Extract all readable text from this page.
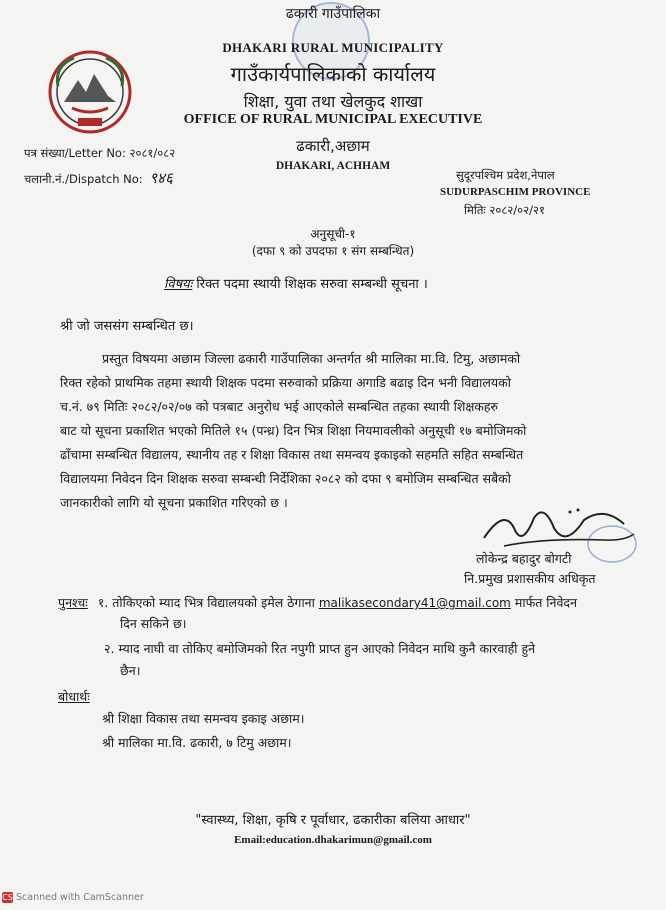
ढकारी गाउँपालिका
DHAKARI RURAL MUNICIPALITY
गाउँकार्यपालिकाको कार्यालय
शिक्षा, युवा तथा खेलकुद शाखा
OFFICE OF RURAL MUNICIPAL EXECUTIVE
ढकारी,अछाम
DHAKARI, ACHHAM
पत्र संख्या/Letter No: २०८१/०८२
चलानी.नं./Dispatch No: ९४६	सुदूरपश्चिम प्रदेश,नेपाल
SUDURPASCHIM PROVINCE
मितिः २०८२/०२/२१
अनुसूची-१
(दफा ९ को उपदफा १ संग सम्बन्धित)
विषयः रिक्त पदमा स्थायी शिक्षक सरुवा सम्बन्धी सूचना ।
श्री जो जससंग सम्बन्धित छ।
प्रस्तुत विषयमा अछाम जिल्ला ढकारी गाउँपालिका अन्तर्गत श्री मालिका मा.वि. टिमु, अछामको
रिक्त रहेको प्राथमिक तहमा स्थायी शिक्षक पदमा सरुवाको प्रक्रिया अगाडि बढाइ दिन भनी विद्यालयको
च.नं. ७९ मितिः २०८२/०२/०७ को पत्रबाट अनुरोध भई आएकोले सम्बन्धित तहका स्थायी शिक्षकहरु
बाट यो सूचना प्रकाशित भएको मितिले १५ (पन्ध्र) दिन भित्र शिक्षा नियमावलीको अनुसूची १७ बमोजिमको
ढाँचामा सम्बन्धित विद्यालय, स्थानीय तह र शिक्षा विकास तथा समन्वय इकाइको सहमति सहित सम्बन्धित
विद्यालयमा निवेदन दिन शिक्षक सरुवा सम्बन्धी निर्देशिका २०८२ को दफा ९ बमोजिम सम्बन्धित सबैको
जानकारीको लागि यो सूचना प्रकाशित गरिएको छ ।
लोकेन्द्र बहादुर बोगटी
नि.प्रमुख प्रशासकीय अधिकृत
पुनश्चः १. तोकिएको म्याद भित्र विद्यालयको इमेल ठेगाना malikasecondary41@gmail.com मार्फत निवेदन
दिन सकिने छ।
२. म्याद नाघी वा तोकिए बमोजिमको रित नपुगी प्राप्त हुन आएको निवेदन माथि कुनै कारवाही हुने
छैन।
बोधार्थः
श्री शिक्षा विकास तथा समन्वय इकाइ अछाम।
श्री मालिका मा.वि. ढकारी, ७ टिमु अछाम।
"स्वास्थ्य, शिक्षा, कृषि र पूर्वाधार, ढकारीका बलिया आधार"
Email:education.dhakarimun@gmail.com
CS Scanned with CamScanner
